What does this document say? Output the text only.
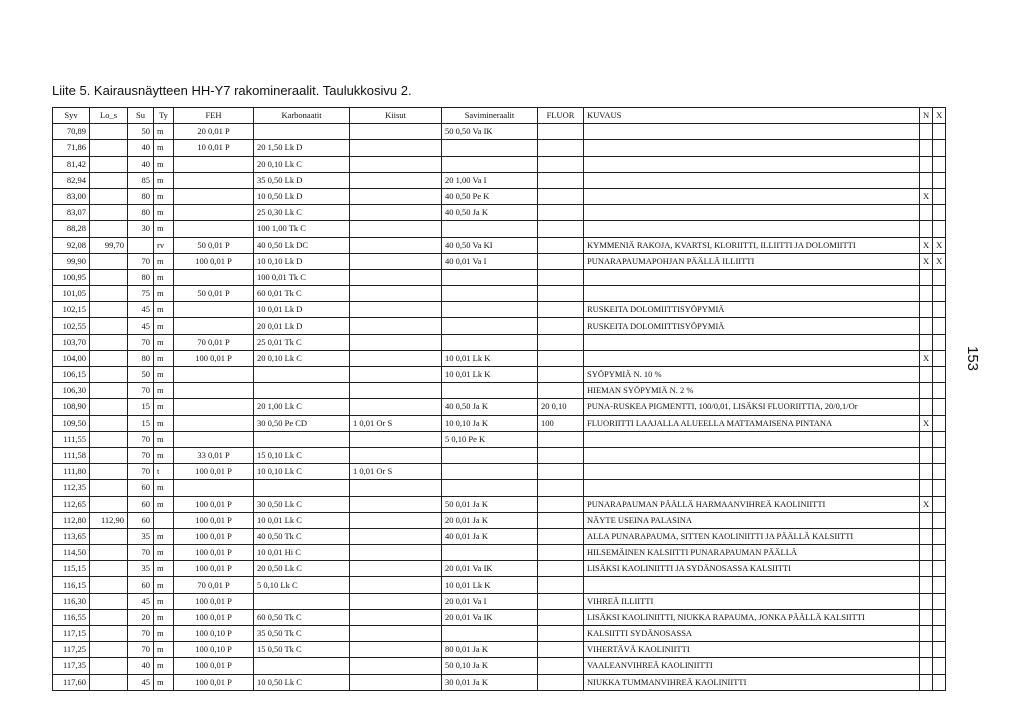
Liite 5. Kairausnäytteen HH-Y7 rakomineraalit. Taulukkosivu 2.
Syv	Lo_s	Su	Ty	FEH	Karbonaatit	Kiisut	Savimineraalit	FLUOR	KUVAUS	N	X
70,89		50	m	20 0,01 P			50 0,50 Va IK				
71,86		40	m	10 0,01 P	20 1,50 Lk D						
81,42		40	m		20 0,10 Lk C						
82,94		85	m		35 0,50 Lk D		20 1,00 Va I				
83,00		80	m		10 0,50 Lk D		40 0,50 Pe K			X	
83,07		80	m		25 0,30 Lk C		40 0,50 Ja K				
88,28		30	m		100 1,00 Tk C						
92,08	99,70		rv	50 0,01 P	40 0,50 Lk DC		40 0,50 Va KI		KYMMENIÄ RAKOJA, KVARTSI, KLORIITTI, ILLIITTI JA DOLOMIITTI	X	X
99,90		70	m	100 0,01 P	10 0,10 Lk D		40 0,01 Va I		PUNARAPAUMAPOHJAN PÄÄLLÄ ILLIITTI	X	X
100,95		80	m		100 0,01 Tk C						
101,05		75	m	50 0,01 P	60 0,01 Tk C						
102,15		45	m		10 0,01 Lk D				RUSKEITA DOLOMIITTISYÖPYMIÄ		
102,55		45	m		20 0,01 Lk D				RUSKEITA DOLOMIITTISYÖPYMIÄ		
103,70		70	m	70 0,01 P	25 0,01 Tk C						
104,00		80	m	100 0,01 P	20 0,10 Lk C		10 0,01 Lk K			X	
106,15		50	m				10 0,01 Lk K		SYÖPYMIÄ N. 10 %		
106,30		70	m						HIEMAN SYÖPYMIÄ N. 2 %		
108,90		15	m		20 1,00 Lk C		40 0,50 Ja K	20 0,10	PUNA-RUSKEA PIGMENTTI, 100/0,01, LISÄKSI FLUORIITTIA, 20/0,1/Or		
109,50		15	m		30 0,50 Pe CD	1 0,01 Or S	10 0,10 Ja K	100	FLUORIITTI LAAJALLA ALUEELLA MATTAMAISENA PINTANA	X	
111,55		70	m				5 0,10 Pe K				
111,58		70	m	33 0,01 P	15 0,10 Lk C						
111,80		70	t	100 0,01 P	10 0,10 Lk C	1 0,01 Or S					
112,35		60	m								
112,65		60	m	100 0,01 P	30 0,50 Lk C		50 0,01 Ja K		PUNARAPAUMAN PÄÄLLÄ HARMAANVIHREÄ KAOLINIITTI	X	
112,80	112,90	60		100 0,01 P	10 0,01 Lk C		20 0,01 Ja K		NÄYTE USEINA PALASINA		
113,65		35	m	100 0,01 P	40 0,50 Tk C		40 0,01 Ja K		ALLA PUNARAPAUMA, SITTEN KAOLINIITTI JA PÄÄLLÄ KALSIITTI		
114,50		70	m	100 0,01 P	10 0,01 Hi C				HILSEMÄINEN KALSIITTI PUNARAPAUMAN PÄÄLLÄ		
115,15		35	m	100 0,01 P	20 0,50 Lk C		20 0,01 Va IK		LISÄKSI KAOLINIITTI JA SYDÄNOSASSA KALSIITTI		
116,15		60	m	70 0,01 P	5 0,10 Lk C		10 0,01 Lk K				
116,30		45	m	100 0,01 P			20 0,01 Va I		VIHREÄ ILLIITTI		
116,55		20	m	100 0,01 P	60 0,50 Tk C		20 0,01 Va IK		LISÄKSI KAOLINIITTI, NIUKKA RAPAUMA, JONKA PÄÄLLÄ KALSIITTI		
117,15		70	m	100 0,10 P	35 0,50 Tk C				KALSIITTI SYDÄNOSASSA		
117,25		70	m	100 0,10 P	15 0,50 Tk C		80 0,01 Ja K		VIHERTÄVÄ KAOLINIITTI		
117,35		40	m	100 0,01 P			50 0,10 Ja K		VAALEANVIHREÄ KAOLINIITTI		
117,60		45	m	100 0,01 P	10 0,50 Lk C		30 0,01 Ja K		NIUKKA TUMMANVIHREÄ KAOLINIITTI		
153
